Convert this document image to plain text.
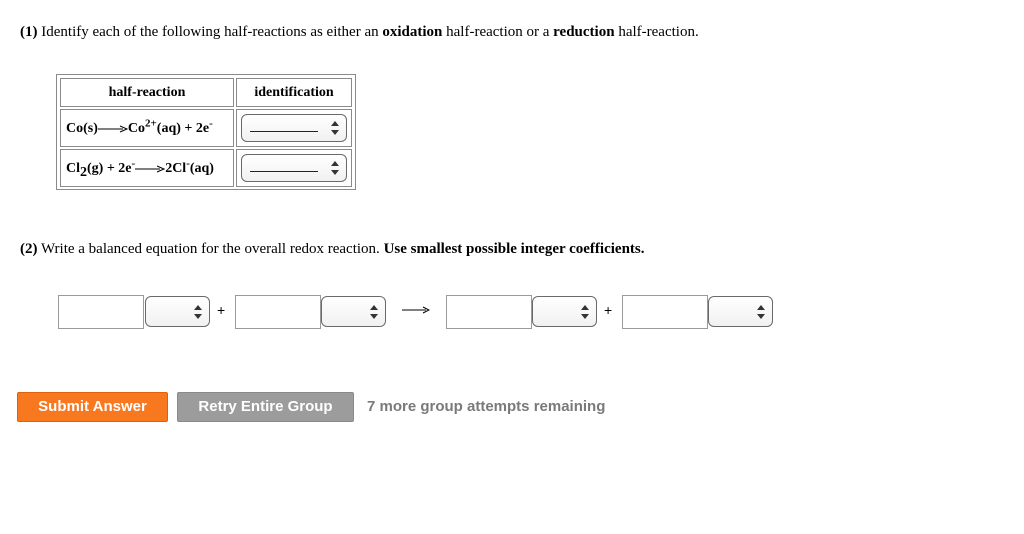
(1) Identify each of the following half-reactions as either an oxidation half-reaction or a reduction half-reaction.
half-reaction	identification
$Co(s)\to Co^{2+}(aq) + 2e^-$
Cl2(g) + 2e-→2Cl-(aq)
(2) Write a balanced equation for the overall redox reaction. Use smallest possible integer coefficients.
+	+
Submit Answer	Retry Entire Group	7 more group attempts remaining
